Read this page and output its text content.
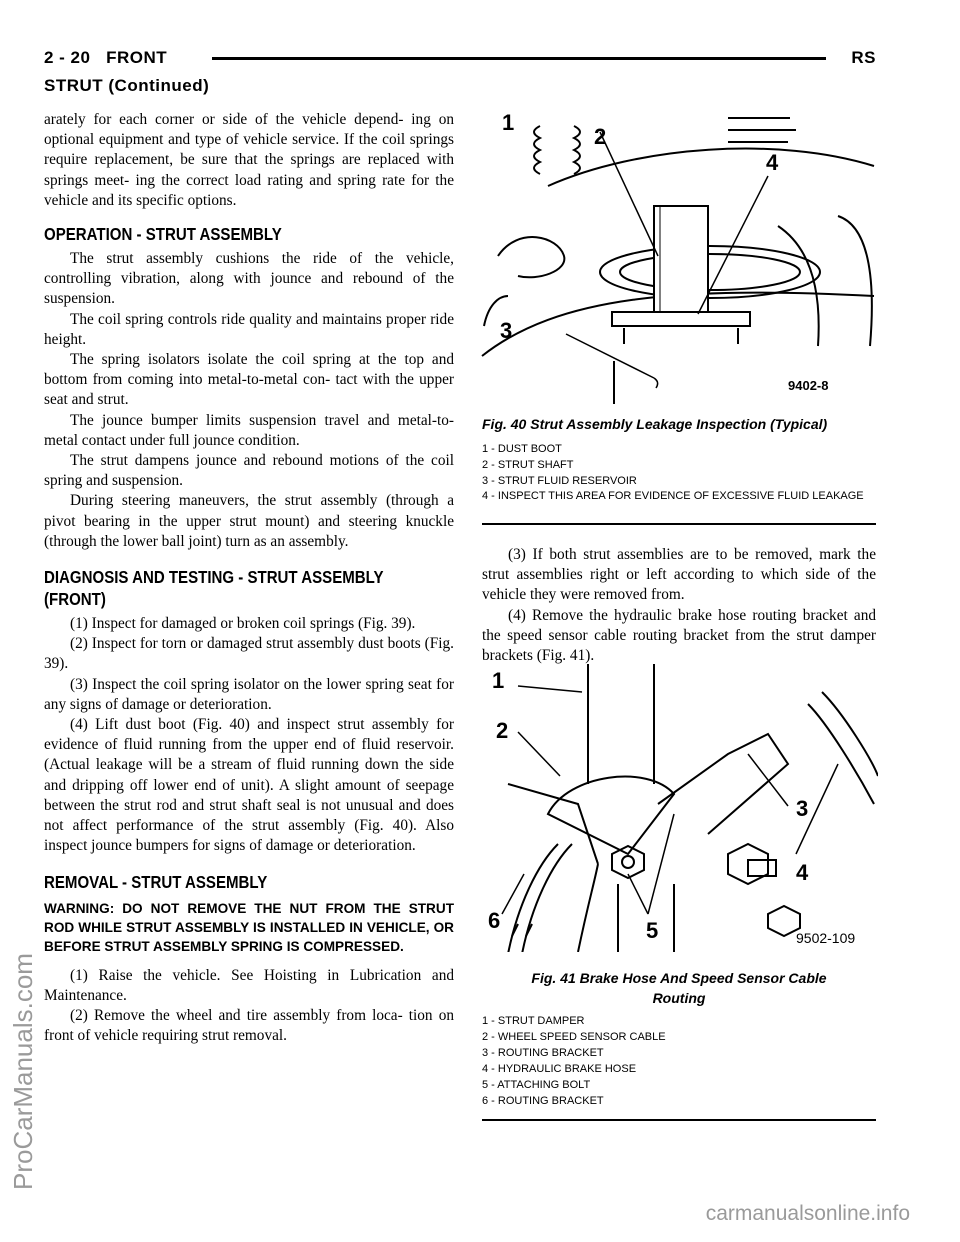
2 - 20   FRONT	RS
STRUT (Continued)

arately for each corner or side of the vehicle depend- ing on optional equipment and type of vehicle service. If the coil springs require replacement, be sure that the springs are replaced with springs meet- ing the correct load rating and spring rate for the vehicle and its specific options.

OPERATION - STRUT ASSEMBLY

The strut assembly cushions the ride of the vehicle, controlling vibration, along with jounce and rebound of the suspension.

The coil spring controls ride quality and maintains proper ride height.

The spring isolators isolate the coil spring at the top and bottom from coming into metal-to-metal con- tact with the upper seat and strut.

The jounce bumper limits suspension travel and metal-to-metal contact under full jounce condition.

The strut dampens jounce and rebound motions of the coil spring and suspension.

During steering maneuvers, the strut assembly (through a pivot bearing in the upper strut mount) and steering knuckle (through the lower ball joint) turn as an assembly.

DIAGNOSIS AND TESTING - STRUT ASSEMBLY
(FRONT)

(1) Inspect for damaged or broken coil springs (Fig. 39).

(2) Inspect for torn or damaged strut assembly dust boots (Fig. 39).

(3) Inspect the coil spring isolator on the lower spring seat for any signs of damage or deterioration.

(4) Lift dust boot (Fig. 40) and inspect strut assembly for evidence of fluid running from the upper end of fluid reservoir. (Actual leakage will be a stream of fluid running down the side and dripping off lower end of unit). A slight amount of seepage between the strut rod and strut shaft seal is not unusual and does not affect performance of the strut assembly (Fig. 40). Also inspect jounce bumpers for signs of damage or deterioration.

REMOVAL - STRUT ASSEMBLY

WARNING: DO NOT REMOVE THE NUT FROM THE STRUT ROD WHILE STRUT ASSEMBLY IS INSTALLED IN VEHICLE, OR BEFORE STRUT ASSEMBLY SPRING IS COMPRESSED.

(1) Raise the vehicle. See Hoisting in Lubrication and Maintenance.

(2) Remove the wheel and tire assembly from loca- tion on front of vehicle requiring strut removal.

1
2
4
3
9402-8
Fig. 40 Strut Assembly Leakage Inspection (Typical)
1 - DUST BOOT
2 - STRUT SHAFT
3 - STRUT FLUID RESERVOIR
4 - INSPECT THIS AREA FOR EVIDENCE OF EXCESSIVE FLUID LEAKAGE

(3) If both strut assemblies are to be removed, mark the strut assemblies right or left according to which side of the vehicle they were removed from.

(4) Remove the hydraulic brake hose routing bracket and the speed sensor cable routing bracket from the strut damper brackets (Fig. 41).

1
2
3
4
6	5	9502-109
Fig. 41 Brake Hose And Speed Sensor Cable
Routing
1 - STRUT DAMPER
2 - WHEEL SPEED SENSOR CABLE
3 - ROUTING BRACKET
4 - HYDRAULIC BRAKE HOSE
5 - ATTACHING BOLT
6 - ROUTING BRACKET
ProCarManuals.com
carmanualsonline.info
